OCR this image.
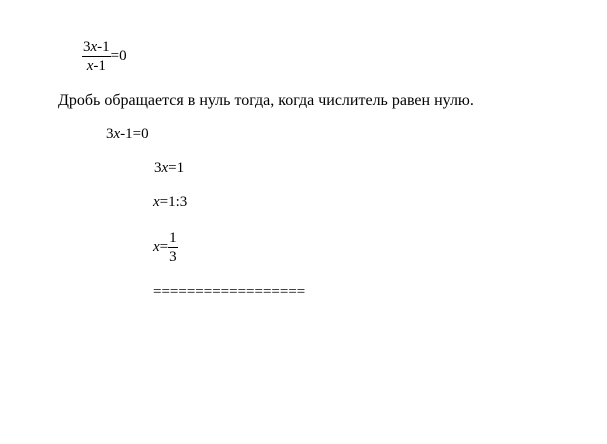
$\frac{3x-1}{x-1} =0$
Дробь обращается в нуль тогда, когда числитель равен нулю.
3x-1=0
3x=1
x=1:3
$x= \frac{1}{3}$
==================
